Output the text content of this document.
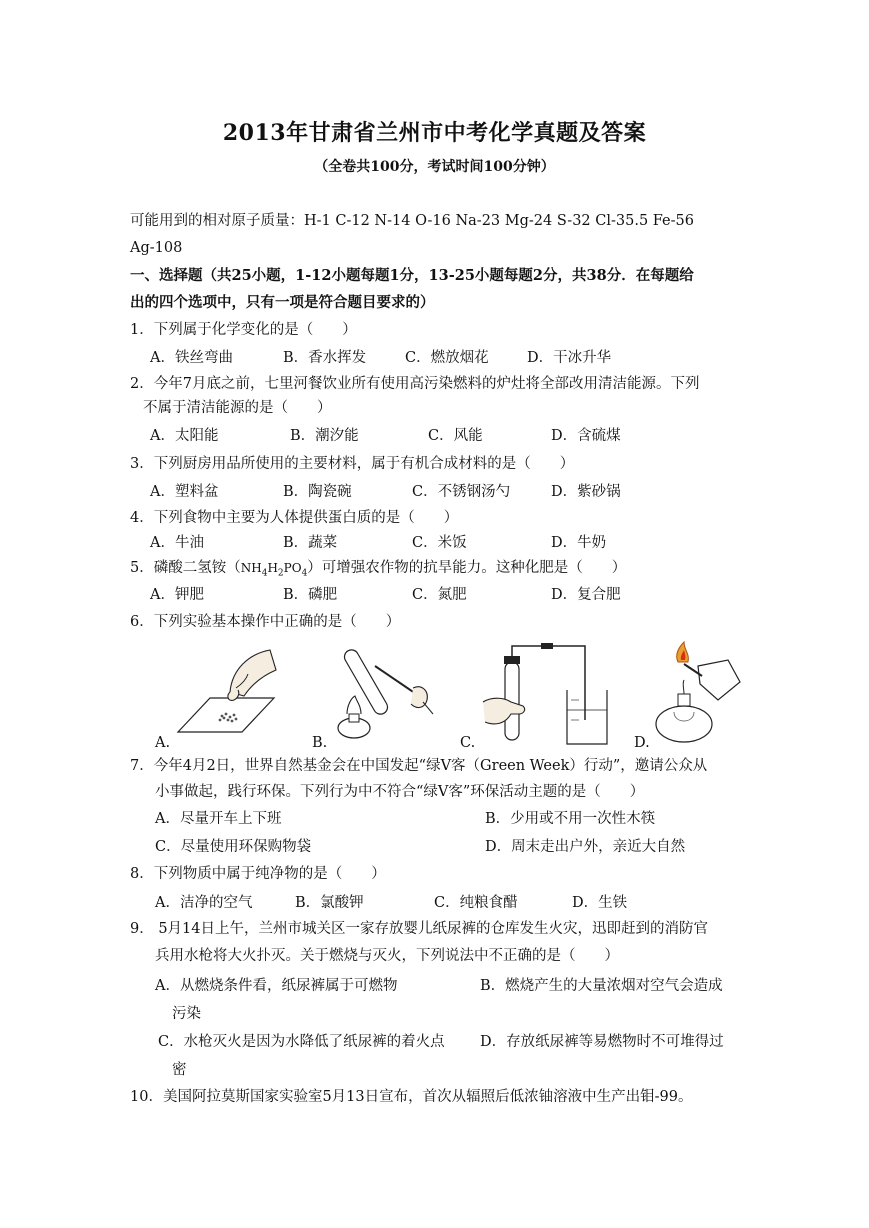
2013年甘肃省兰州市中考化学真题及答案
（全卷共100分，考试时间100分钟）
可能用到的相对原子质量：H-1 C-12 N-14 O-16 Na-23 Mg-24 S-32 Cl-35.5 Fe-56
Ag-108
一、选择题（共25小题，1-12小题每题1分，13-25小题每题2分，共38分．在每题给
出的四个选项中，只有一项是符合题目要求的）
1．下列属于化学变化的是（　　）
A．铁丝弯曲	B．香水挥发	C．燃放烟花	D．干冰升华
2．今年7月底之前，七里河餐饮业所有使用高污染燃料的炉灶将全部改用清洁能源。下列
不属于清洁能源的是（　　）
A．太阳能	B．潮汐能	C．风能	D．含硫煤
3．下列厨房用品所使用的主要材料，属于有机合成材料的是（　　）
A．塑料盆	B．陶瓷碗	C．不锈钢汤勺	D．紫砂锅
4．下列食物中主要为人体提供蛋白质的是（　　）
A．牛油	B．蔬菜	C．米饭	D．牛奶
5．磷酸二氢铵$(NH_4H_2PO_4)$可增强农作物的抗旱能力。这种化肥是（　　）
A．钾肥	B．磷肥	C．氮肥	D．复合肥
6．下列实验基本操作中正确的是（　　）
A.	B.	C.	D.
7．今年4月2日，世界自然基金会在中国发起“绿V客（Green Week）行动”，邀请公众从
小事做起，践行环保。下列行为中不符合“绿V客”环保活动主题的是（　　）
A．尽量开车上下班	B．少用或不用一次性木筷
C．尽量使用环保购物袋	D．周末走出户外，亲近大自然
8．下列物质中属于纯净物的是（　　）
A．洁净的空气	B．氯酸钾	C．纯粮食醋	D．生铁
9． 5月14日上午，兰州市城关区一家存放婴儿纸尿裤的仓库发生火灾，迅即赶到的消防官
兵用水枪将大火扑灭。关于燃烧与灭火，下列说法中不正确的是（　　）
A．从燃烧条件看，纸尿裤属于可燃物	B．燃烧产生的大量浓烟对空气会造成
污染
C．水枪灭火是因为水降低了纸尿裤的着火点 D．存放纸尿裤等易燃物时不可堆得过
密
10．美国阿拉莫斯国家实验室5月13日宣布，首次从辐照后低浓铀溶液中生产出钼-99。
